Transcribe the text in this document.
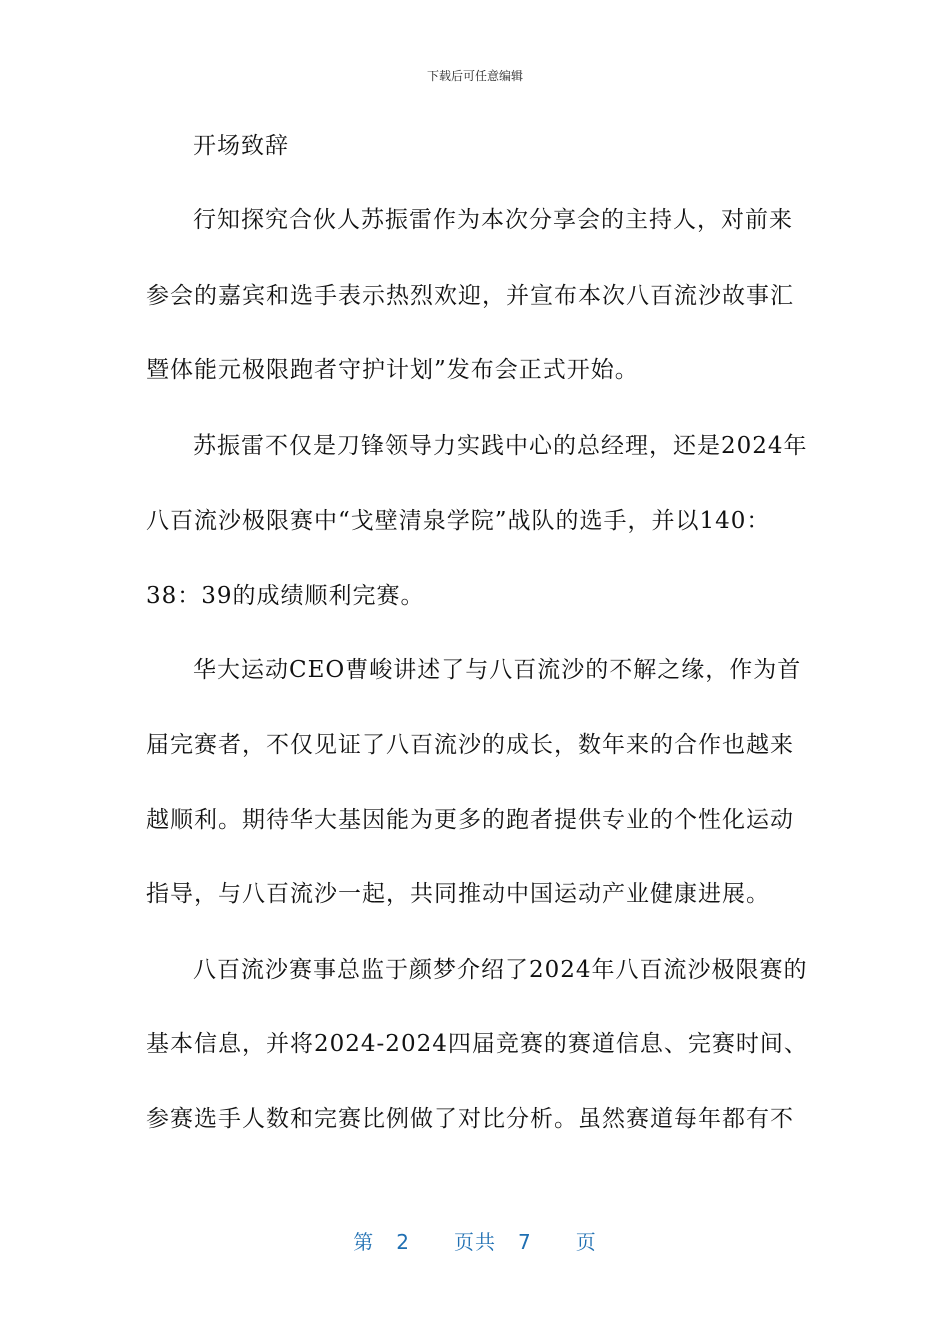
下载后可任意编辑
开场致辞
行知探究合伙人苏振雷作为本次分享会的主持人，对前来
参会的嘉宾和选手表示热烈欢迎，并宣布本次八百流沙故事汇
暨体能元极限跑者守护计划”发布会正式开始。
苏振雷不仅是刀锋领导力实践中心的总经理，还是2024年
八百流沙极限赛中“戈壁清泉学院”战队的选手，并以140：
38：39的成绩顺利完赛。
华大运动CEO曹峻讲述了与八百流沙的不解之缘，作为首
届完赛者，不仅见证了八百流沙的成长，数年来的合作也越来
越顺利。期待华大基因能为更多的跑者提供专业的个性化运动
指导，与八百流沙一起，共同推动中国运动产业健康进展。
八百流沙赛事总监于颜梦介绍了2024年八百流沙极限赛的
基本信息，并将2024-2024四届竞赛的赛道信息、完赛时间、
参赛选手人数和完赛比例做了对比分析。虽然赛道每年都有不
第 2 页共 7 页
